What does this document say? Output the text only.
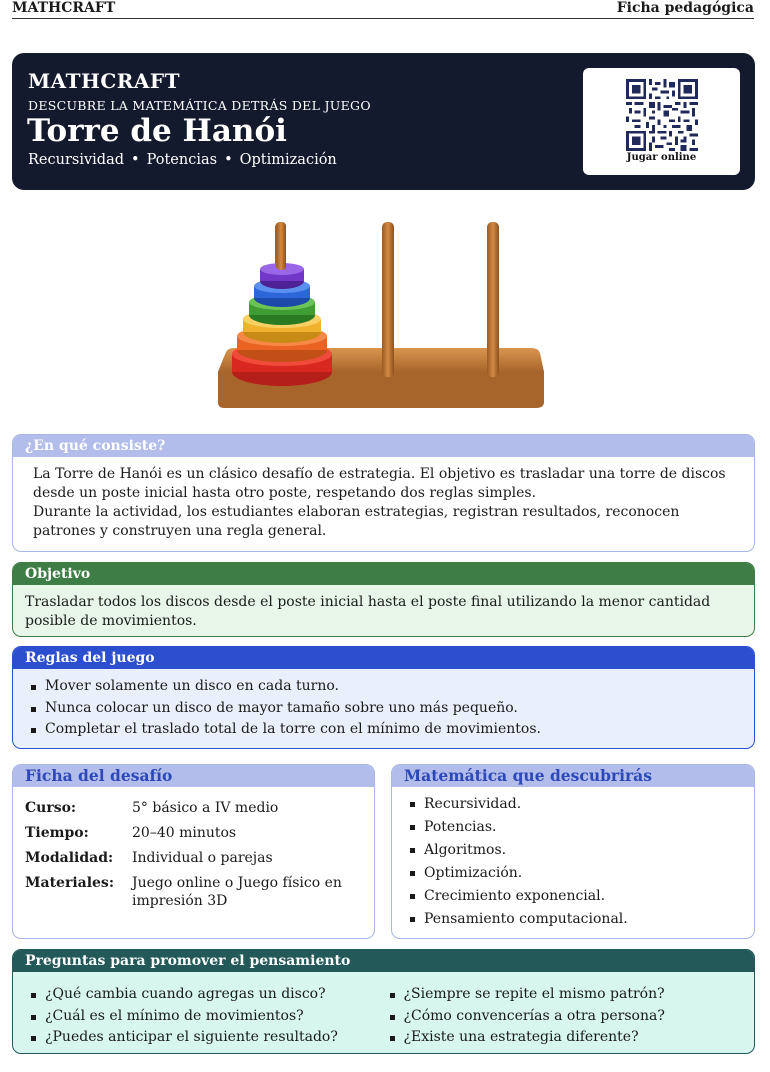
MATHCRAFT	Ficha pedagógica
MATHCRAFT
DESCUBRE LA MATEMÁTICA DETRÁS DEL JUEGO
Torre de Hanói
Recursividad • Potencias • Optimización	Jugar online
¿En qué consiste?

La Torre de Hanói es un clásico desafío de estrategia. El objetivo es trasladar una torre de discos desde un poste inicial hasta otro poste, respetando dos reglas simples.

Durante la actividad, los estudiantes elaboran estrategias, registran resultados, reconocen patrones y construyen una regla general.

Objetivo
Trasladar todos los discos desde el poste inicial hasta el poste final utilizando la menor cantidad posible de movimientos.
Reglas del juego
Mover solamente un disco en cada turno.
Nunca colocar un disco de mayor tamaño sobre uno más pequeño.
Completar el traslado total de la torre con el mínimo de movimientos.
Ficha del desafío
Curso:	5° básico a IV medio
Tiempo:	20–40 minutos
Modalidad:	Individual o parejas
Materiales:	Juego online o Juego físico en impresión 3D
Matemática que descubrirás
Recursividad.
Potencias.
Algoritmos.
Optimización.
Crecimiento exponencial.
Pensamiento computacional.
Preguntas para promover el pensamiento
¿Qué cambia cuando agregas un disco?
¿Cuál es el mínimo de movimientos?
¿Puedes anticipar el siguiente resultado?
¿Siempre se repite el mismo patrón?
¿Cómo convencerías a otra persona?
¿Existe una estrategia diferente?
